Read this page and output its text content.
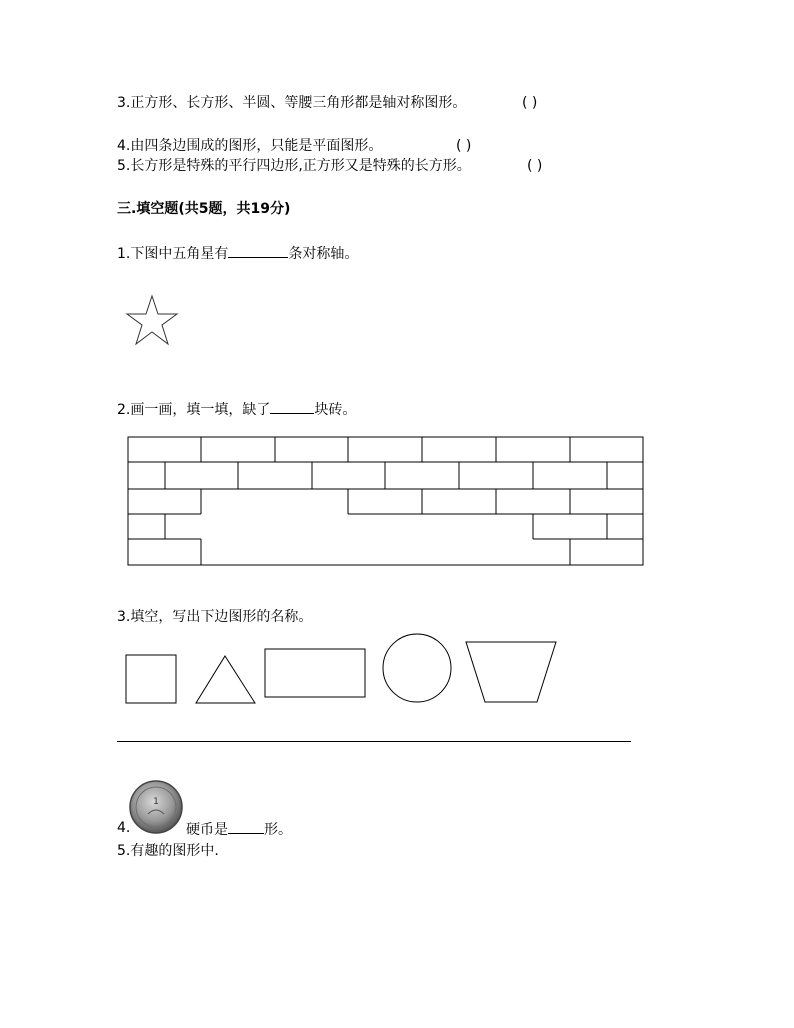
3.正方形、长方形、半圆、等腰三角形都是轴对称图形。	( )
4.由四条边围成的图形，只能是平面图形。	( )
5.长方形是特殊的平行四边形,正方形又是特殊的长方形。	( )
三.填空题(共5题，共19分)
1.下图中五角星有	条对称轴。
2.画一画，填一填，缺了	块砖。
3.填空，写出下边图形的名称。
1
4.	硬币是	形。
5.有趣的图形中.
